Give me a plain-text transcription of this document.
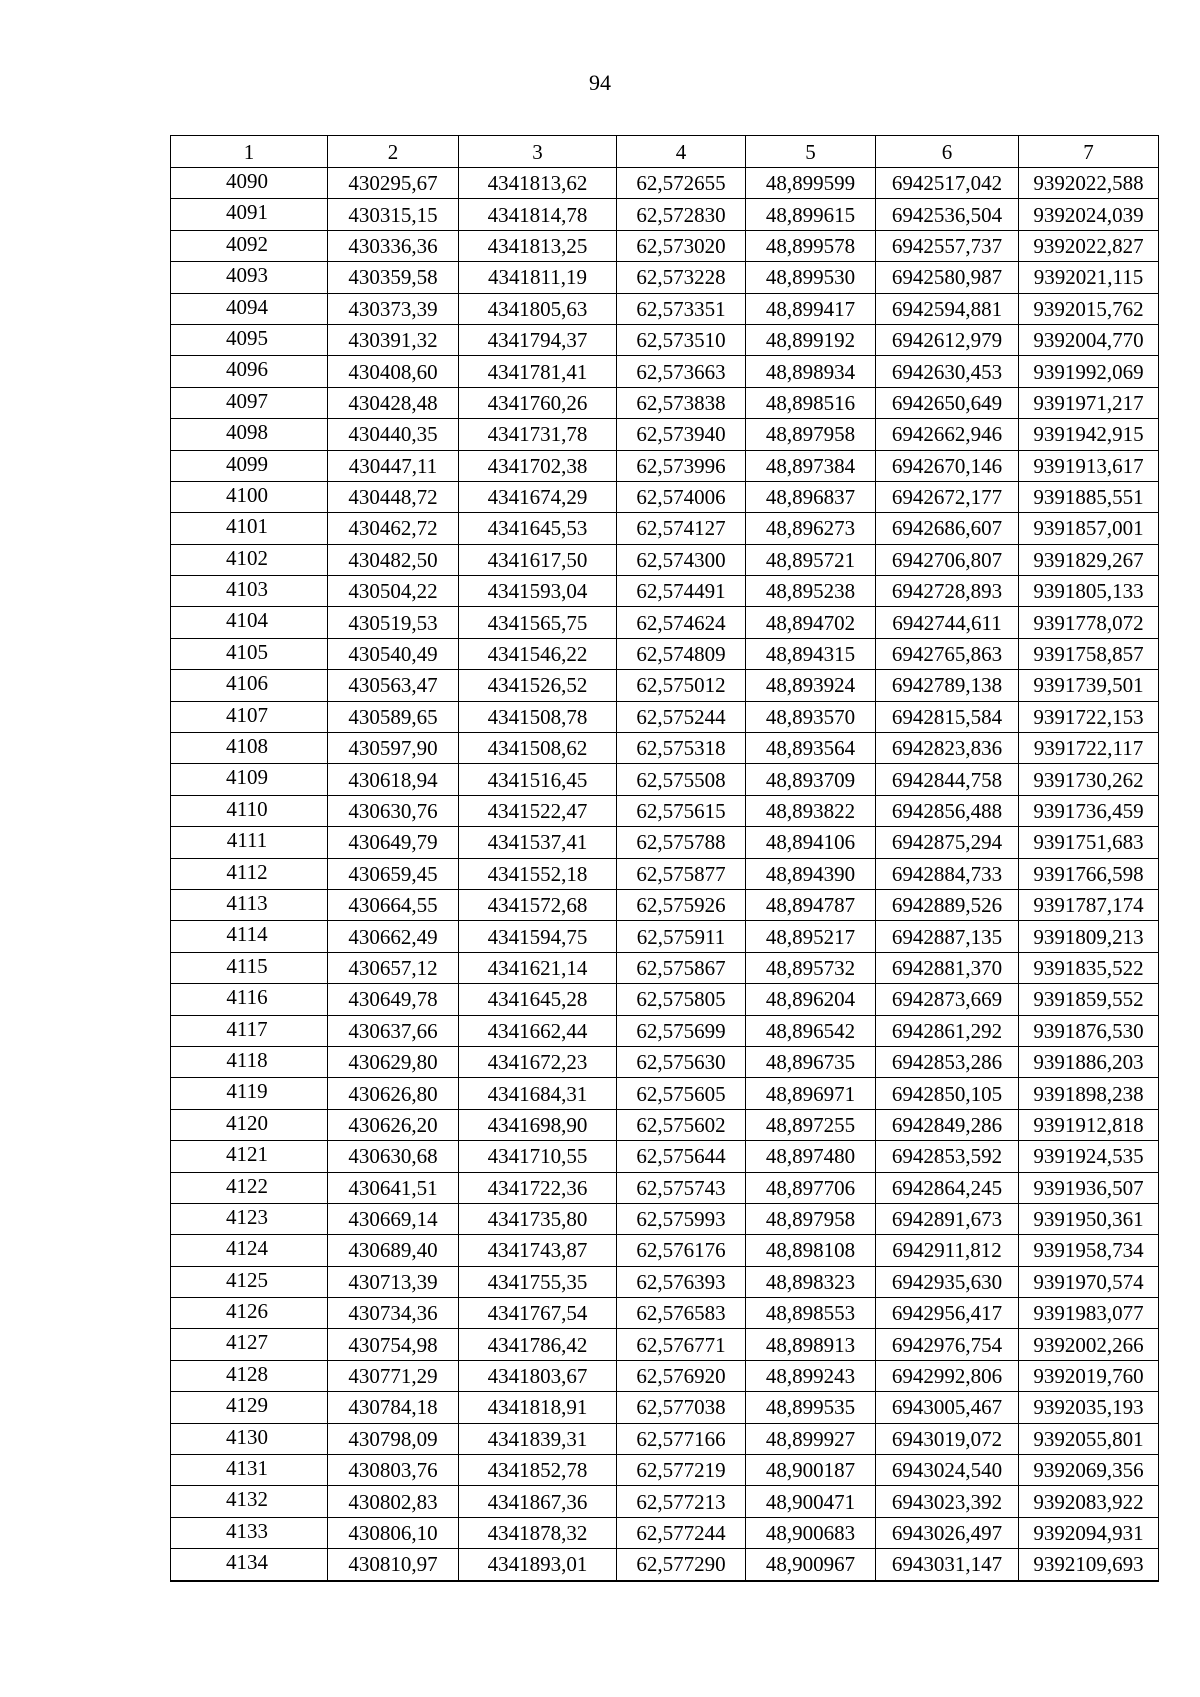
94
1	2	3	4	5	6	7
4090	430295,67	4341813,62	62,572655	48,899599	6942517,042	9392022,588
4091	430315,15	4341814,78	62,572830	48,899615	6942536,504	9392024,039
4092	430336,36	4341813,25	62,573020	48,899578	6942557,737	9392022,827
4093	430359,58	4341811,19	62,573228	48,899530	6942580,987	9392021,115
4094	430373,39	4341805,63	62,573351	48,899417	6942594,881	9392015,762
4095	430391,32	4341794,37	62,573510	48,899192	6942612,979	9392004,770
4096	430408,60	4341781,41	62,573663	48,898934	6942630,453	9391992,069
4097	430428,48	4341760,26	62,573838	48,898516	6942650,649	9391971,217
4098	430440,35	4341731,78	62,573940	48,897958	6942662,946	9391942,915
4099	430447,11	4341702,38	62,573996	48,897384	6942670,146	9391913,617
4100	430448,72	4341674,29	62,574006	48,896837	6942672,177	9391885,551
4101	430462,72	4341645,53	62,574127	48,896273	6942686,607	9391857,001
4102	430482,50	4341617,50	62,574300	48,895721	6942706,807	9391829,267
4103	430504,22	4341593,04	62,574491	48,895238	6942728,893	9391805,133
4104	430519,53	4341565,75	62,574624	48,894702	6942744,611	9391778,072
4105	430540,49	4341546,22	62,574809	48,894315	6942765,863	9391758,857
4106	430563,47	4341526,52	62,575012	48,893924	6942789,138	9391739,501
4107	430589,65	4341508,78	62,575244	48,893570	6942815,584	9391722,153
4108	430597,90	4341508,62	62,575318	48,893564	6942823,836	9391722,117
4109	430618,94	4341516,45	62,575508	48,893709	6942844,758	9391730,262
4110	430630,76	4341522,47	62,575615	48,893822	6942856,488	9391736,459
4111	430649,79	4341537,41	62,575788	48,894106	6942875,294	9391751,683
4112	430659,45	4341552,18	62,575877	48,894390	6942884,733	9391766,598
4113	430664,55	4341572,68	62,575926	48,894787	6942889,526	9391787,174
4114	430662,49	4341594,75	62,575911	48,895217	6942887,135	9391809,213
4115	430657,12	4341621,14	62,575867	48,895732	6942881,370	9391835,522
4116	430649,78	4341645,28	62,575805	48,896204	6942873,669	9391859,552
4117	430637,66	4341662,44	62,575699	48,896542	6942861,292	9391876,530
4118	430629,80	4341672,23	62,575630	48,896735	6942853,286	9391886,203
4119	430626,80	4341684,31	62,575605	48,896971	6942850,105	9391898,238
4120	430626,20	4341698,90	62,575602	48,897255	6942849,286	9391912,818
4121	430630,68	4341710,55	62,575644	48,897480	6942853,592	9391924,535
4122	430641,51	4341722,36	62,575743	48,897706	6942864,245	9391936,507
4123	430669,14	4341735,80	62,575993	48,897958	6942891,673	9391950,361
4124	430689,40	4341743,87	62,576176	48,898108	6942911,812	9391958,734
4125	430713,39	4341755,35	62,576393	48,898323	6942935,630	9391970,574
4126	430734,36	4341767,54	62,576583	48,898553	6942956,417	9391983,077
4127	430754,98	4341786,42	62,576771	48,898913	6942976,754	9392002,266
4128	430771,29	4341803,67	62,576920	48,899243	6942992,806	9392019,760
4129	430784,18	4341818,91	62,577038	48,899535	6943005,467	9392035,193
4130	430798,09	4341839,31	62,577166	48,899927	6943019,072	9392055,801
4131	430803,76	4341852,78	62,577219	48,900187	6943024,540	9392069,356
4132	430802,83	4341867,36	62,577213	48,900471	6943023,392	9392083,922
4133	430806,10	4341878,32	62,577244	48,900683	6943026,497	9392094,931
4134	430810,97	4341893,01	62,577290	48,900967	6943031,147	9392109,693
